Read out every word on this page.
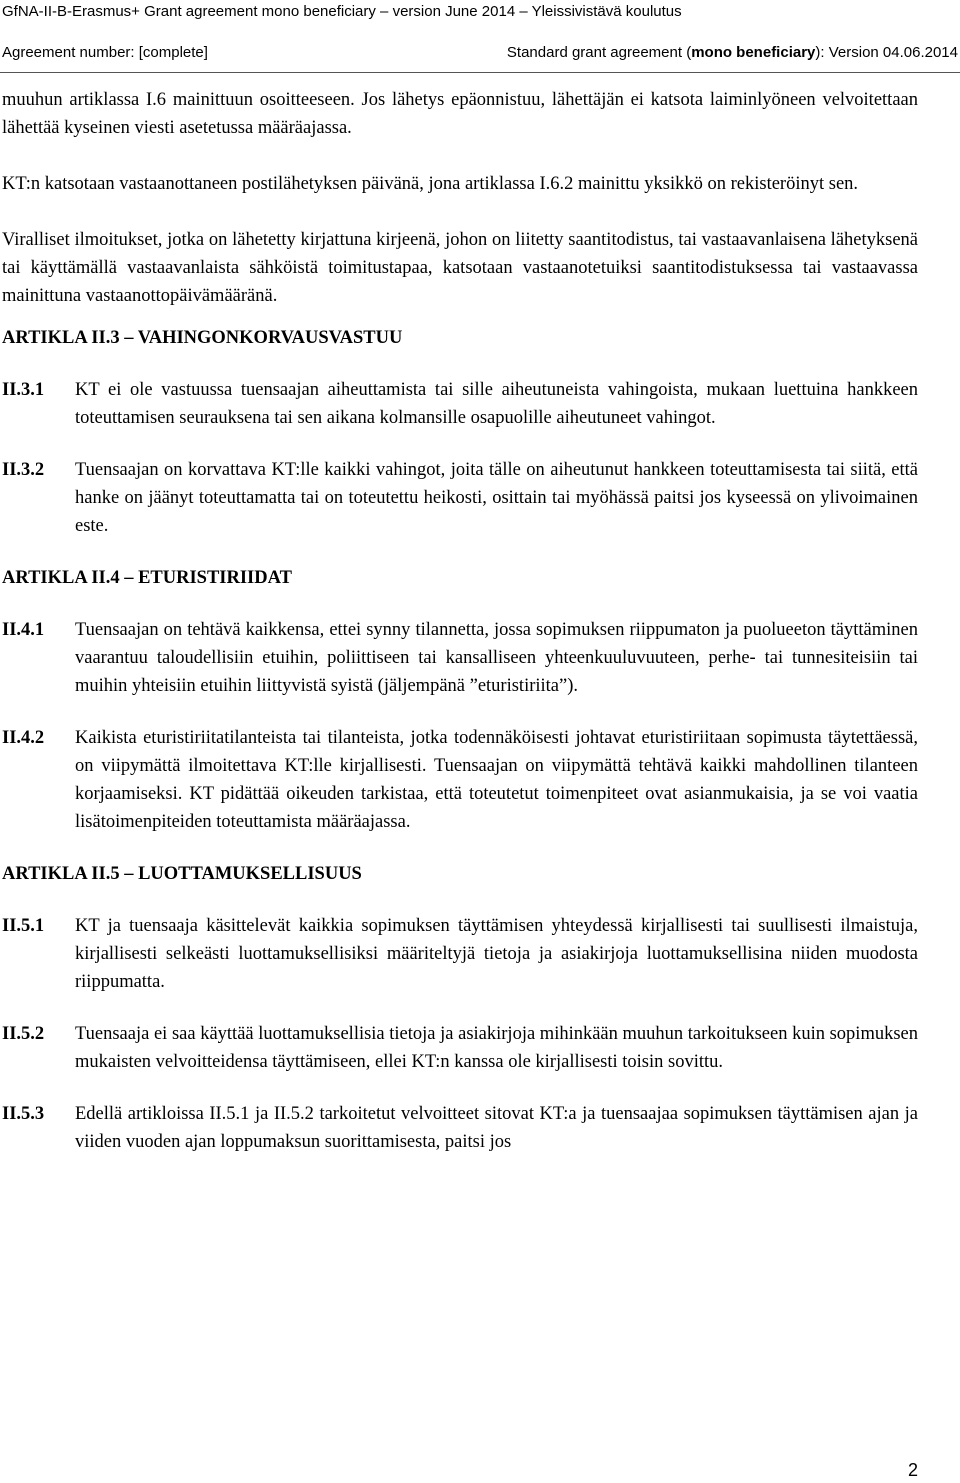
GfNA-II-B-Erasmus+ Grant agreement mono beneficiary – version June 2014 – Yleissivistävä koulutus
Agreement number: [complete]	Standard grant agreement (mono beneficiary): Version 04.06.2014

muuhun artiklassa I.6 mainittuun osoitteeseen. Jos lähetys epäonnistuu, lähettäjän ei katsota laiminlyöneen velvoitettaan lähettää kyseinen viesti asetetussa määräajassa.

KT:n katsotaan vastaanottaneen postilähetyksen päivänä, jona artiklassa I.6.2 mainittu yksikkö on rekisteröinyt sen.

Viralliset ilmoitukset, jotka on lähetetty kirjattuna kirjeenä, johon on liitetty saantitodistus, tai vastaavanlaisena lähetyksenä tai käyttämällä vastaavanlaista sähköistä toimitustapaa, katsotaan vastaanotetuiksi saantitodistuksessa tai vastaavassa mainittuna vastaanottopäivämääränä.

ARTIKLA II.3 – VAHINGONKORVAUSVASTUU
II.3.1	KT ei ole vastuussa tuensaajan aiheuttamista tai sille aiheutuneista vahingoista, mukaan luettuina hankkeen toteuttamisen seurauksena tai sen aikana kolmansille osapuolille aiheutuneet vahingot.
II.3.2	Tuensaajan on korvattava KT:lle kaikki vahingot, joita tälle on aiheutunut hankkeen toteuttamisesta tai siitä, että hanke on jäänyt toteuttamatta tai on toteutettu heikosti, osittain tai myöhässä paitsi jos kyseessä on ylivoimainen este.
ARTIKLA II.4 – ETURISTIRIIDAT
II.4.1	Tuensaajan on tehtävä kaikkensa, ettei synny tilannetta, jossa sopimuksen riippumaton ja puolueeton täyttäminen vaarantuu taloudellisiin etuihin, poliittiseen tai kansalliseen yhteenkuuluvuuteen, perhe- tai tunnesiteisiin tai muihin yhteisiin etuihin liittyvistä syistä (jäljempänä ”eturistiriita”).
II.4.2	Kaikista eturistiriitatilanteista tai tilanteista, jotka todennäköisesti johtavat eturistiriitaan sopimusta täytettäessä, on viipymättä ilmoitettava KT:lle kirjallisesti. Tuensaajan on viipymättä tehtävä kaikki mahdollinen tilanteen korjaamiseksi. KT pidättää oikeuden tarkistaa, että toteutetut toimenpiteet ovat asianmukaisia, ja se voi vaatia lisätoimenpiteiden toteuttamista määräajassa.
ARTIKLA II.5 – LUOTTAMUKSELLISUUS
II.5.1	KT ja tuensaaja käsittelevät kaikkia sopimuksen täyttämisen yhteydessä kirjallisesti tai suullisesti ilmaistuja, kirjallisesti selkeästi luottamuksellisiksi määriteltyjä tietoja ja asiakirjoja luottamuksellisina niiden muodosta riippumatta.
II.5.2	Tuensaaja ei saa käyttää luottamuksellisia tietoja ja asiakirjoja mihinkään muuhun tarkoitukseen kuin sopimuksen mukaisten velvoitteidensa täyttämiseen, ellei KT:n kanssa ole kirjallisesti toisin sovittu.
II.5.3	Edellä artikloissa II.5.1 ja II.5.2 tarkoitetut velvoitteet sitovat KT:a ja tuensaajaa sopimuksen täyttämisen ajan ja viiden vuoden ajan loppumaksun suorittamisesta, paitsi jos
2
